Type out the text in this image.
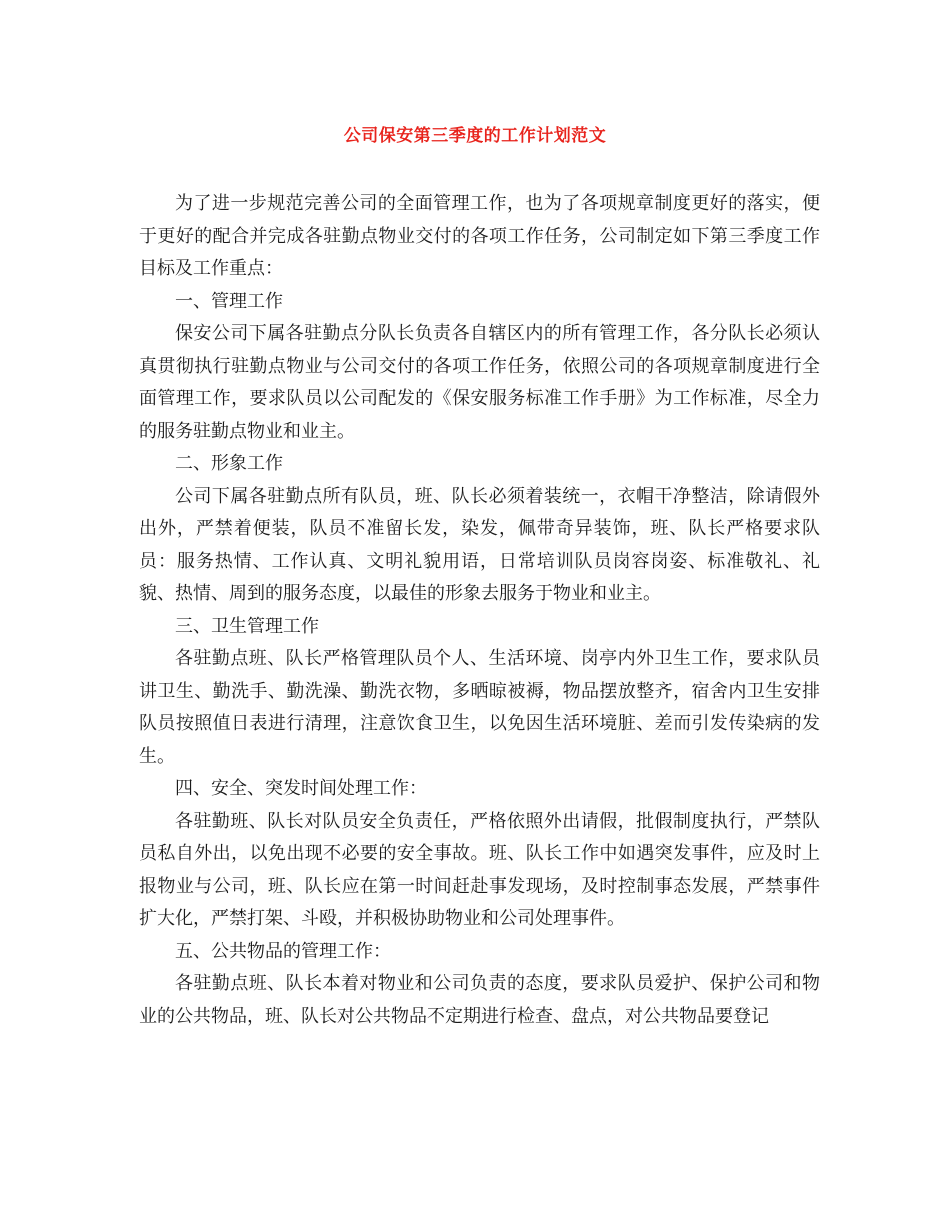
公司保安第三季度的工作计划范文

为了进一步规范完善公司的全面管理工作，也为了各项规章制度更好的落实，便于更好的配合并完成各驻勤点物业交付的各项工作任务，公司制定如下第三季度工作目标及工作重点：

一、管理工作

保安公司下属各驻勤点分队长负责各自辖区内的所有管理工作，各分队长必须认真贯彻执行驻勤点物业与公司交付的各项工作任务，依照公司的各项规章制度进行全面管理工作，要求队员以公司配发的《保安服务标准工作手册》为工作标准，尽全力的服务驻勤点物业和业主。

二、形象工作

公司下属各驻勤点所有队员，班、队长必须着装统一，衣帽干净整洁，除请假外出外，严禁着便装，队员不准留长发，染发，佩带奇异装饰，班、队长严格要求队员：服务热情、工作认真、文明礼貌用语，日常培训队员岗容岗姿、标准敬礼、礼貌、热情、周到的服务态度，以最佳的形象去服务于物业和业主。

三、卫生管理工作

各驻勤点班、队长严格管理队员个人、生活环境、岗亭内外卫生工作，要求队员讲卫生、勤洗手、勤洗澡、勤洗衣物，多晒晾被褥，物品摆放整齐，宿舍内卫生安排队员按照值日表进行清理，注意饮食卫生，以免因生活环境脏、差而引发传染病的发生。

四、安全、突发时间处理工作：

各驻勤班、队长对队员安全负责任，严格依照外出请假，批假制度执行，严禁队员私自外出，以免出现不必要的安全事故。班、队长工作中如遇突发事件，应及时上报物业与公司，班、队长应在第一时间赶赴事发现场，及时控制事态发展，严禁事件扩大化，严禁打架、斗殴，并积极协助物业和公司处理事件。

五、公共物品的管理工作：

各驻勤点班、队长本着对物业和公司负责的态度，要求队员爱护、保护公司和物业的公共物品，班、队长对公共物品不定期进行检查、盘点，对公共物品要登记
